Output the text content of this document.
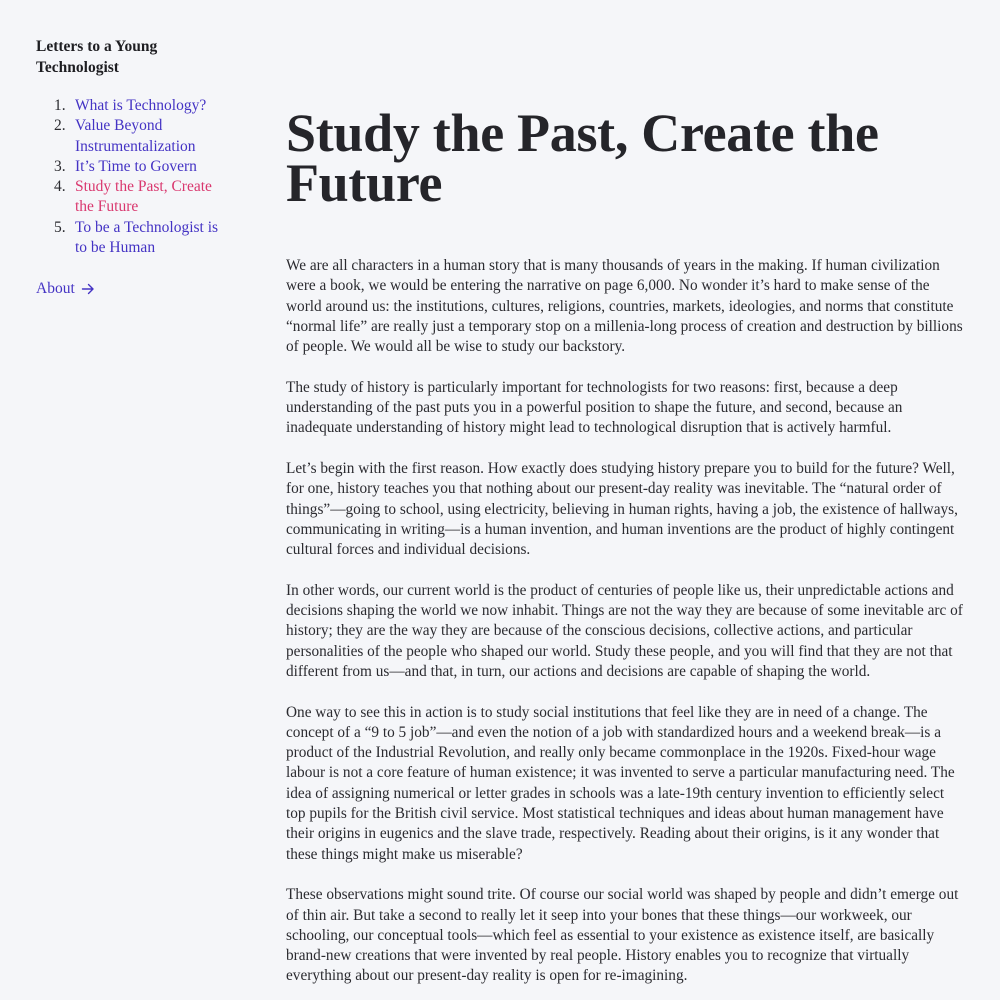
Letters to a Young Technologist
1. What is Technology?
2. Value Beyond Instrumentalization
3. It’s Time to Govern
4. Study the Past, Create the Future
5. To be a Technologist is to be Human
About
Study the Past, Create the Future

We are all characters in a human story that is many thousands of years in the making. If human civilization were a book, we would be entering the narrative on page 6,000. No wonder it’s hard to make sense of the world around us: the institutions, cultures, religions, countries, markets, ideologies, and norms that constitute “normal life” are really just a temporary stop on a millenia-long process of creation and destruction by billions of people. We would all be wise to study our backstory.

The study of history is particularly important for technologists for two reasons: first, because a deep understanding of the past puts you in a powerful position to shape the future, and second, because an inadequate understanding of history might lead to technological disruption that is actively harmful.

Let’s begin with the first reason. How exactly does studying history prepare you to build for the future? Well, for one, history teaches you that nothing about our present-day reality was inevitable. The “natural order of things”—going to school, using electricity, believing in human rights, having a job, the existence of hallways, communicating in writing—is a human invention, and human inventions are the product of highly contingent cultural forces and individual decisions.

In other words, our current world is the product of centuries of people like us, their unpredictable actions and decisions shaping the world we now inhabit. Things are not the way they are because of some inevitable arc of history; they are the way they are because of the conscious decisions, collective actions, and particular personalities of the people who shaped our world. Study these people, and you will find that they are not that different from us—and that, in turn, our actions and decisions are capable of shaping the world.

One way to see this in action is to study social institutions that feel like they are in need of a change. The concept of a “9 to 5 job”—and even the notion of a job with standardized hours and a weekend break—is a product of the Industrial Revolution, and really only became commonplace in the 1920s. Fixed-hour wage labour is not a core feature of human existence; it was invented to serve a particular manufacturing need. The idea of assigning numerical or letter grades in schools was a late-19th century invention to efficiently select top pupils for the British civil service. Most statistical techniques and ideas about human management have their origins in eugenics and the slave trade, respectively. Reading about their origins, is it any wonder that these things might make us miserable?

These observations might sound trite. Of course our social world was shaped by people and didn’t emerge out of thin air. But take a second to really let it seep into your bones that these things—our workweek, our schooling, our conceptual tools—which feel as essential to your existence as existence itself, are basically brand-new creations that were invented by real people. History enables you to recognize that virtually everything about our present-day reality is open for re-imagining.
